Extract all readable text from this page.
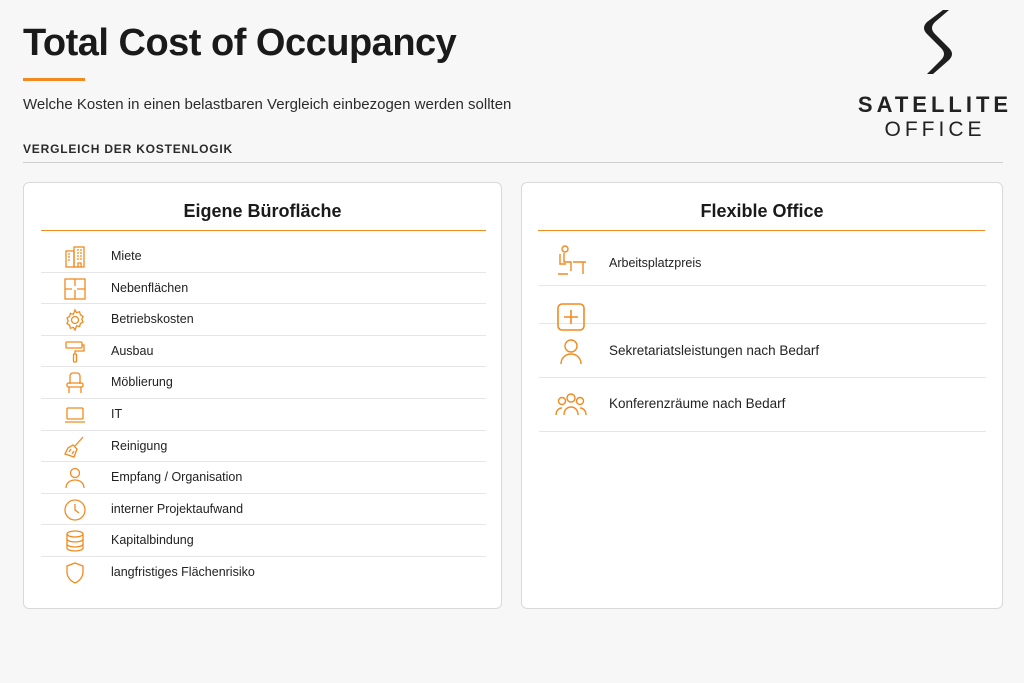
Total Cost of Occupancy
Welche Kosten in einen belastbaren Vergleich einbezogen werden sollten
VERGLEICH DER KOSTENLOGIK
SATELLITE
OFFICE
Eigene Bürofläche
Miete
Nebenflächen
Betriebskosten
Ausbau
Möblierung
IT
Reinigung
Empfang / Organisation
interner Projektaufwand
Kapitalbindung
langfristiges Flächenrisiko
Flexible Office
Arbeitsplatzpreis
Sekretariatsleistungen nach Bedarf
Konferenzräume nach Bedarf
